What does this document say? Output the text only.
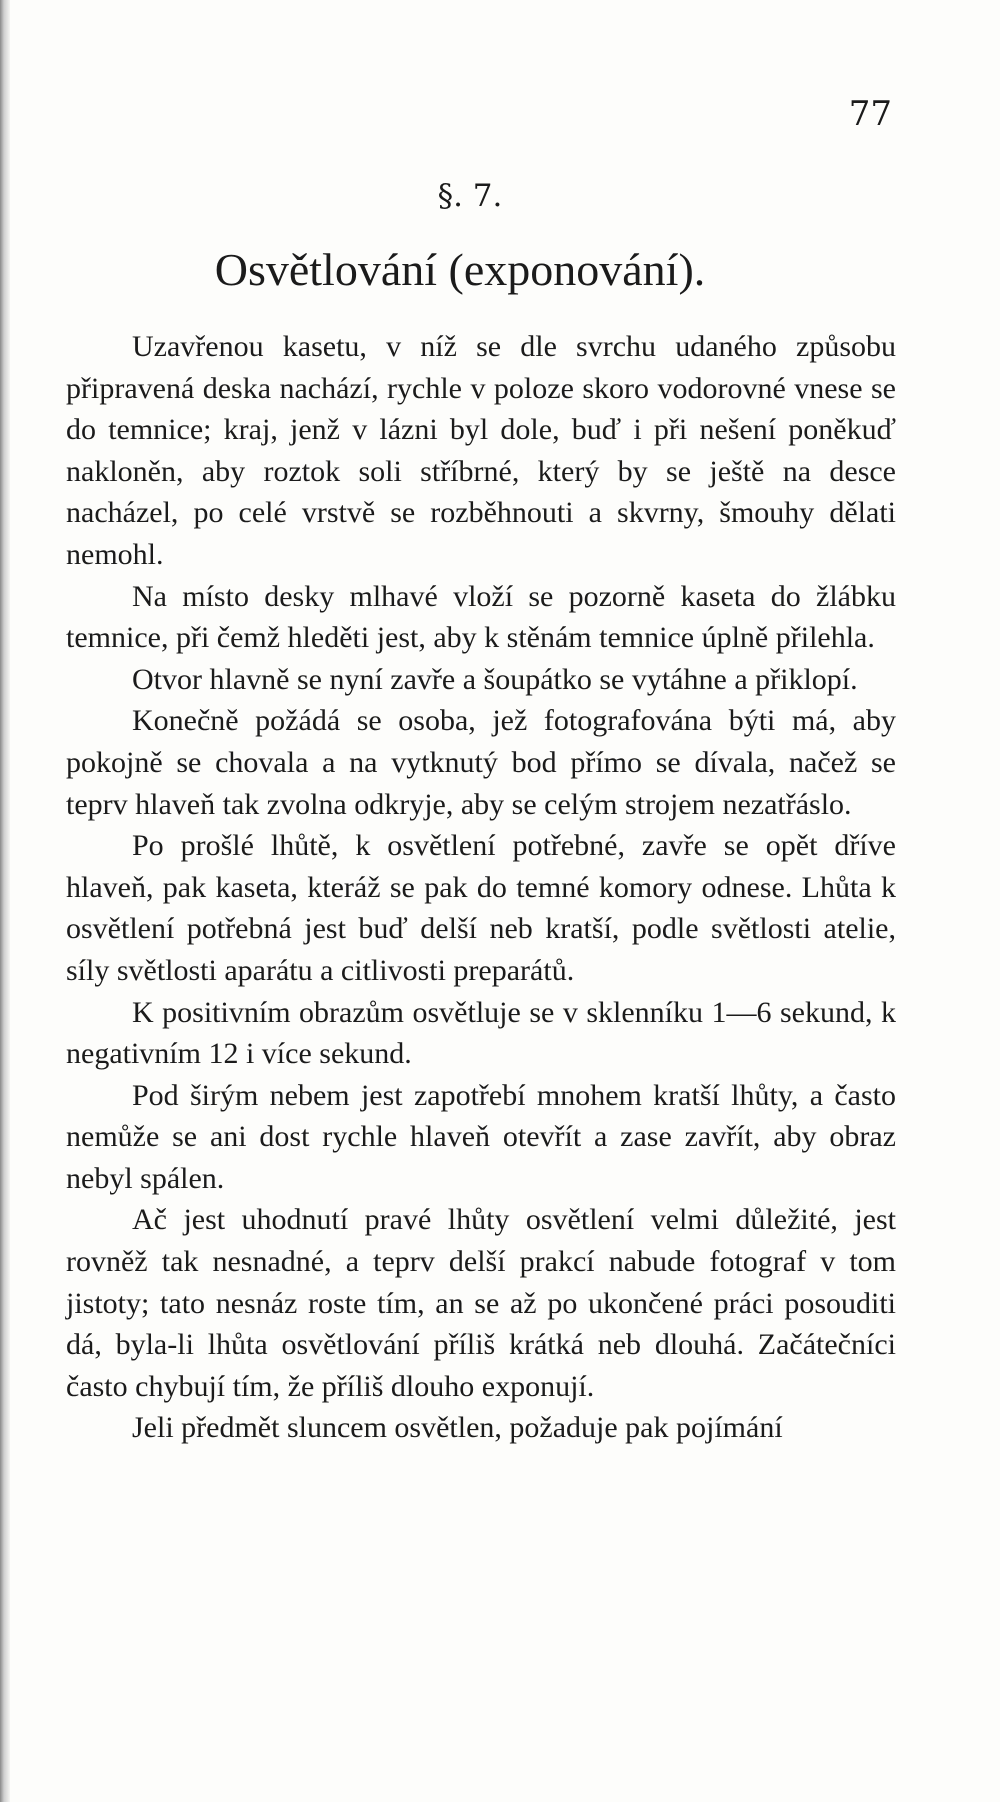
77
§. 7.
Osvětlování (exponování).

Uzavřenou kasetu, v níž se dle svrchu udaného způsobu připravená deska nachází, rychle v poloze skoro vodorovné vnese se do temnice; kraj, jenž v lázni byl dole, buď i při nešení poněkuď nakloněn, aby roztok soli stříbrné, který by se ještě na desce nacházel, po celé vrstvě se rozběhnouti a skvrny, šmouhy dělati nemohl.

Na místo desky mlhavé vloží se pozorně kaseta do žlábku temnice, při čemž hleděti jest, aby k stěnám temnice úplně přilehla.

Otvor hlavně se nyní zavře a šoupátko se vytáhne a přiklopí.

Konečně požádá se osoba, jež fotografována býti má, aby pokojně se chovala a na vytknutý bod přímo se dívala, načež se teprv hlaveň tak zvolna odkryje, aby se celým strojem nezatřáslo.

Po prošlé lhůtě, k osvětlení potřebné, zavře se opět dříve hlaveň, pak kaseta, kteráž se pak do temné komory odnese. Lhůta k osvětlení potřebná jest buď delší neb kratší, podle světlosti atelie, síly světlosti aparátu a citlivosti preparátů.

K positivním obrazům osvětluje se v sklenníku 1—6 sekund, k negativním 12 i více sekund.

Pod širým nebem jest zapotřebí mnohem kratší lhůty, a často nemůže se ani dost rychle hlaveň otevřít a zase zavřít, aby obraz nebyl spálen.

Ač jest uhodnutí pravé lhůty osvětlení velmi důležité, jest rovněž tak nesnadné, a teprv delší prakcí nabude fotograf v tom jistoty; tato nesnáz roste tím, an se až po ukončené práci posouditi dá, byla-li lhůta osvětlování příliš krátká neb dlouhá. Začátečníci často chybují tím, že příliš dlouho exponují.

Jeli předmět sluncem osvětlen, požaduje pak pojímání
